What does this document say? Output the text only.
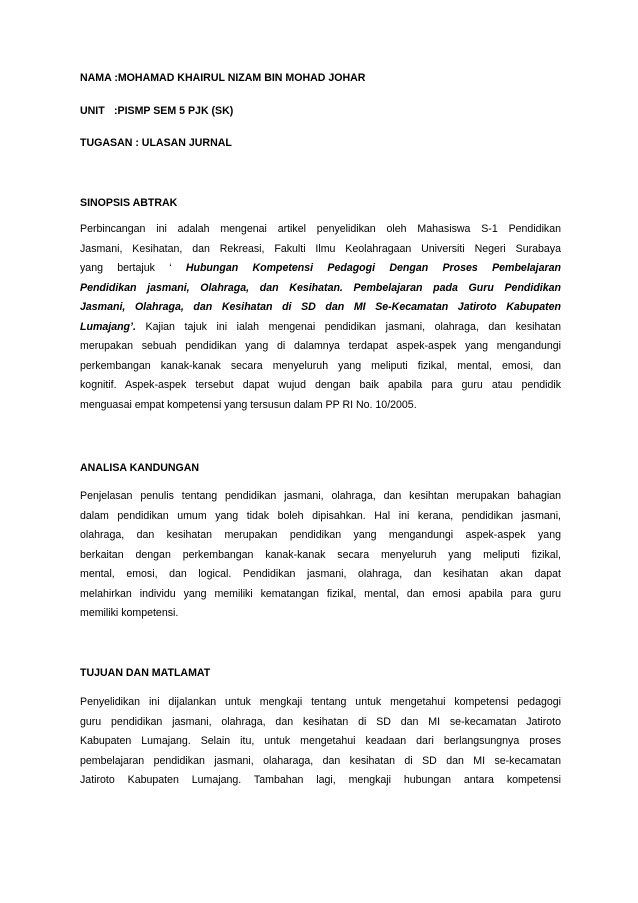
NAMA :MOHAMAD KHAIRUL NIZAM BIN MOHAD JOHAR
UNIT :PISMP SEM 5 PJK (SK)
TUGASAN : ULASAN JURNAL
SINOPSIS ABTRAK
Perbincangan ini adalah mengenai artikel penyelidikan oleh Mahasiswa S-1 Pendidikan
Jasmani, Kesihatan, dan Rekreasi, Fakulti Ilmu Keolahragaan Universiti Negeri Surabaya
yang bertajuk ‘ Hubungan Kompetensi Pedagogi Dengan Proses Pembelajaran
Pendidikan jasmani, Olahraga, dan Kesihatan. Pembelajaran pada Guru Pendidikan
Jasmani, Olahraga, dan Kesihatan di SD dan MI Se-Kecamatan Jatiroto Kabupaten
Lumajang’. Kajian tajuk ini ialah mengenai pendidikan jasmani, olahraga, dan kesihatan
merupakan sebuah pendidikan yang di dalamnya terdapat aspek-aspek yang mengandungi
perkembangan kanak-kanak secara menyeluruh yang meliputi fizikal, mental, emosi, dan
kognitif. Aspek-aspek tersebut dapat wujud dengan baik apabila para guru atau pendidik
menguasai empat kompetensi yang tersusun dalam PP RI No. 10/2005.
ANALISA KANDUNGAN
Penjelasan penulis tentang pendidikan jasmani, olahraga, dan kesihtan merupakan bahagian
dalam pendidikan umum yang tidak boleh dipisahkan. Hal ini kerana, pendidikan jasmani,
olahraga, dan kesihatan merupakan pendidikan yang mengandungi aspek-aspek yang
berkaitan dengan perkembangan kanak-kanak secara menyeluruh yang meliputi fizikal,
mental, emosi, dan logical. Pendidikan jasmani, olahraga, dan kesihatan akan dapat
melahirkan individu yang memiliki kematangan fizikal, mental, dan emosi apabila para guru
memiliki kompetensi.
TUJUAN DAN MATLAMAT
Penyelidikan ini dijalankan untuk mengkaji tentang untuk mengetahui kompetensi pedagogi
guru pendidikan jasmani, olahraga, dan kesihatan di SD dan MI se-kecamatan Jatiroto
Kabupaten Lumajang. Selain itu, untuk mengetahui keadaan dari berlangsungnya proses
pembelajaran pendidikan jasmani, olaharaga, dan kesihatan di SD dan MI se-kecamatan
Jatiroto Kabupaten Lumajang. Tambahan lagi, mengkaji hubungan antara kompetensi
